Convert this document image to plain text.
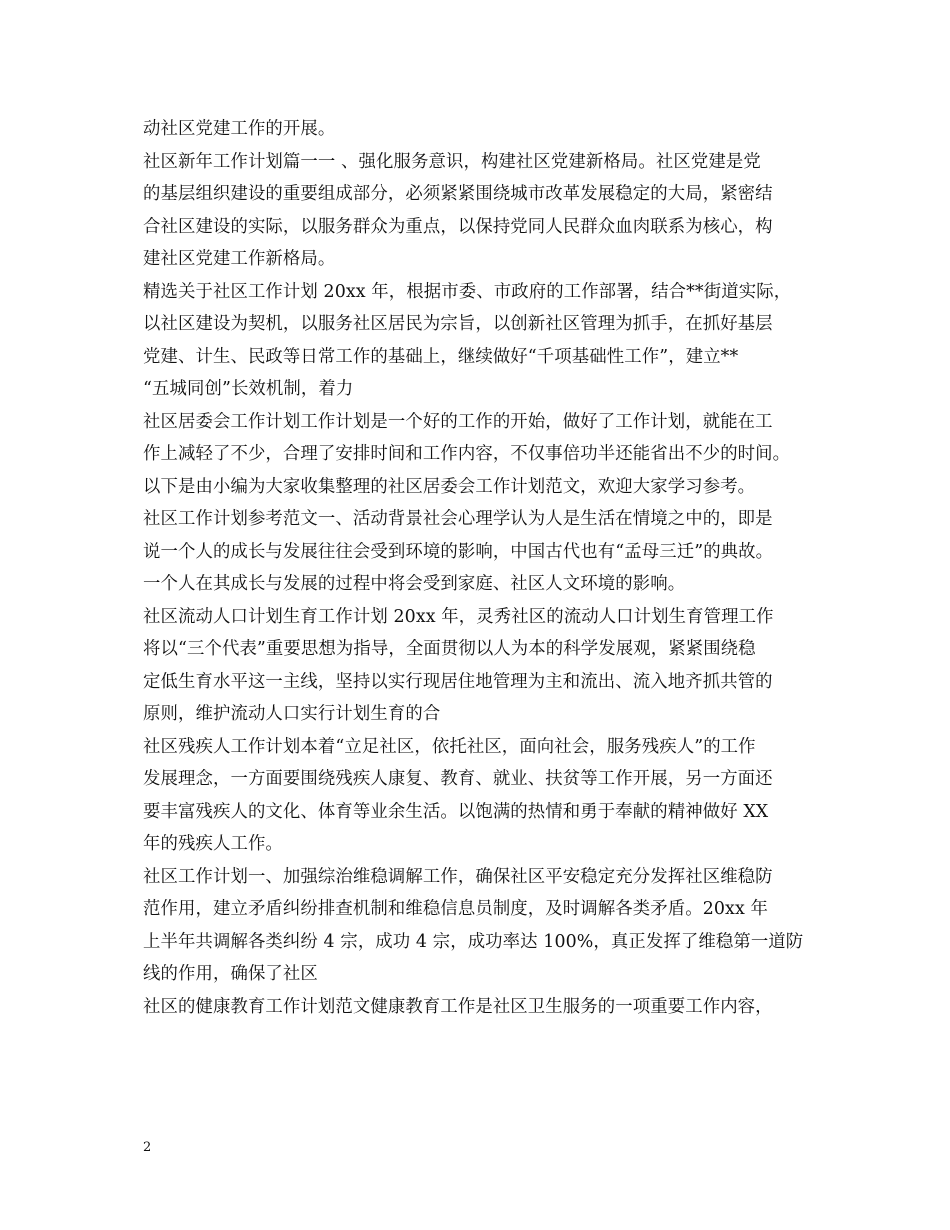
动社区党建工作的开展。
社区新年工作计划篇一一 、强化服务意识，构建社区党建新格局。社区党建是党
的基层组织建设的重要组成部分，必须紧紧围绕城市改革发展稳定的大局，紧密结
合社区建设的实际，以服务群众为重点，以保持党同人民群众血肉联系为核心，构
建社区党建工作新格局。
精选关于社区工作计划 20xx 年，根据市委、市政府的工作部署，结合**街道实际，
以社区建设为契机，以服务社区居民为宗旨，以创新社区管理为抓手，在抓好基层
党建、计生、民政等日常工作的基础上，继续做好“千项基础性工作”，建立**
“五城同创”长效机制，着力
社区居委会工作计划工作计划是一个好的工作的开始，做好了工作计划，就能在工
作上减轻了不少，合理了安排时间和工作内容，不仅事倍功半还能省出不少的时间。
以下是由小编为大家收集整理的社区居委会工作计划范文，欢迎大家学习参考。
社区工作计划参考范文一、活动背景社会心理学认为人是生活在情境之中的，即是
说一个人的成长与发展往往会受到环境的影响，中国古代也有“孟母三迁”的典故。
一个人在其成长与发展的过程中将会受到家庭、社区人文环境的影响。
社区流动人口计划生育工作计划 20xx 年，灵秀社区的流动人口计划生育管理工作
将以“三个代表”重要思想为指导，全面贯彻以人为本的科学发展观，紧紧围绕稳
定低生育水平这一主线，坚持以实行现居住地管理为主和流出、流入地齐抓共管的
原则，维护流动人口实行计划生育的合
社区残疾人工作计划本着“立足社区，依托社区，面向社会，服务残疾人”的工作
发展理念，一方面要围绕残疾人康复、教育、就业、扶贫等工作开展，另一方面还
要丰富残疾人的文化、体育等业余生活。以饱满的热情和勇于奉献的精神做好 XX
年的残疾人工作。
社区工作计划一、加强综治维稳调解工作，确保社区平安稳定充分发挥社区维稳防
范作用，建立矛盾纠纷排查机制和维稳信息员制度，及时调解各类矛盾。20xx 年
上半年共调解各类纠纷 4 宗，成功 4 宗，成功率达 100%，真正发挥了维稳第一道防
线的作用，确保了社区
社区的健康教育工作计划范文健康教育工作是社区卫生服务的一项重要工作内容，
2
